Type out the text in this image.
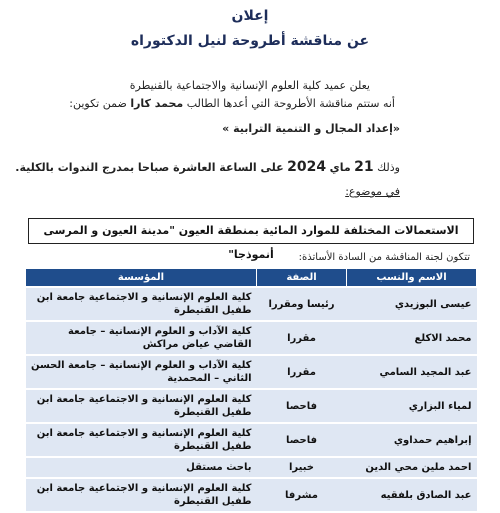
إعلان
عن مناقشة أطروحة لنيل الدكتوراه
يعلن عميد كلية العلوم الإنسانية والاجتماعية بالقنيطرة
أنه ستتم مناقشة الأطروحة التي أعدها الطالب محمد كارا ضمن تكوين:
«إعداد المجال و التنمية الترابية »
وذلك 21 ماي 2024 على الساعة العاشرة صباحا بمدرج الندوات بالكلية.
في موضوع:
الاستعمالات المختلفة للموارد المائية بمنطقة العيون "مدينة العيون و المرسى أنموذجا"	تتكون لجنة المناقشة من السادة الأساتذة:
الاسم والنسب	الصفة	المؤسسة
عيسى البوزيدي	رئيسا ومقررا	كلية العلوم الإنسانية و الاجتماعية جامعة ابن طفيل القنيطرة
محمد الاكلع	مقررا	كلية الآداب و العلوم الإنسانية – جامعة القاضي عياض مراكش
عبد المجيد السامي	مقررا	كلية الآداب و العلوم الإنسانية – جامعة الحسن الثاني – المحمدية
لمياء البزاري	فاحصا	كلية العلوم الإنسانية و الاجتماعية جامعة ابن طفيل القنيطرة
إبراهيم حمداوي	فاحصا	كلية العلوم الإنسانية و الاجتماعية جامعة ابن طفيل القنيطرة
احمد ملين محي الدين	خبيرا	باحث مستقل
عبد الصادق بلفقيه	مشرفا	كلية العلوم الإنسانية و الاجتماعية جامعة ابن طفيل القنيطرة
